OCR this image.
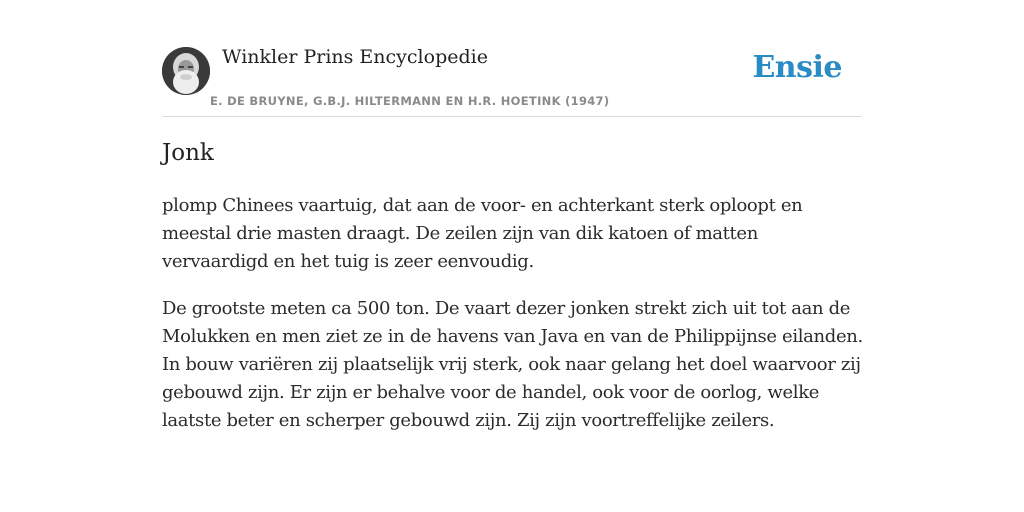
Winkler Prins Encyclopedie
E. DE BRUYNE, G.B.J. HILTERMANN EN H.R. HOETINK (1947)
Ensie
Jonk

plomp Chinees vaartuig, dat aan de voor- en achterkant sterk oploopt en meestal drie masten draagt. De zeilen zijn van dik katoen of matten vervaardigd en het tuig is zeer eenvoudig.

De grootste meten ca 500 ton. De vaart dezer jonken strekt zich uit tot aan de Molukken en men ziet ze in de havens van Java en van de Philippijnse eilanden. In bouw variëren zij plaatselijk vrij sterk, ook naar gelang het doel waarvoor zij gebouwd zijn. Er zijn er behalve voor de handel, ook voor de oorlog, welke laatste beter en scherper gebouwd zijn. Zij zijn voortreffelijke zeilers.
